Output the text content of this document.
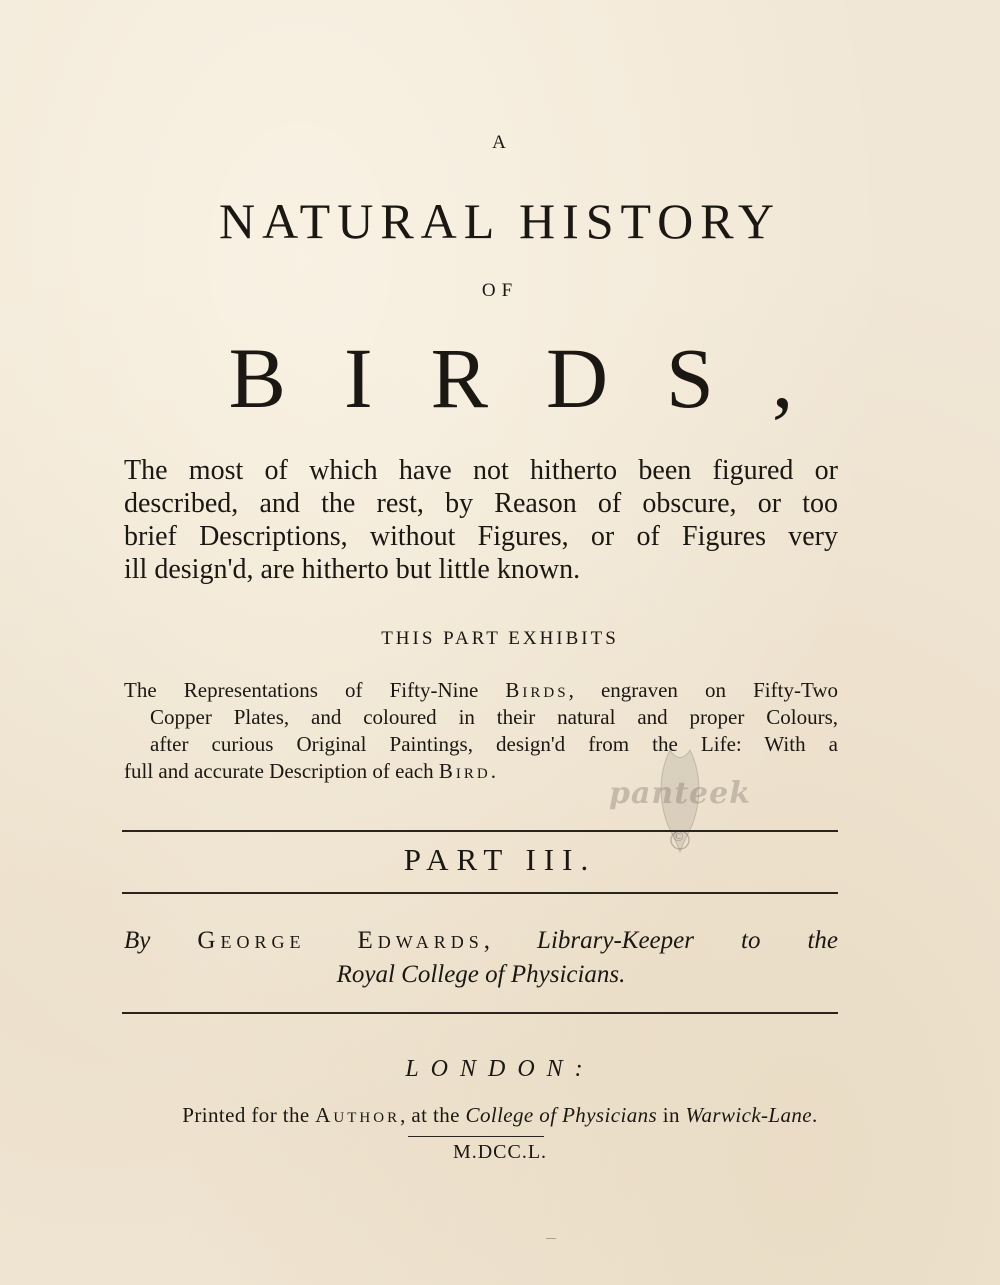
A
NATURAL HISTORY
OF
BIRDS,
The most of which have not hitherto been figured or
described, and the rest, by Reason of obscure, or too
brief Descriptions, without Figures, or of Figures very
ill design'd, are hitherto but little known.
THIS PART EXHIBITS
The Representations of Fifty-Nine Birds, engraven on Fifty-Two
Copper Plates, and coloured in their natural and proper Colours,
after curious Original Paintings, design'd from the Life: With a
full and accurate Description of each Bird.
panteek
©
PART III.
By George Edwards, Library-Keeper to the
Royal College of Physicians.
LONDON:
Printed for the Author, at the College of Physicians in Warwick-Lane.
M.DCC.L.
